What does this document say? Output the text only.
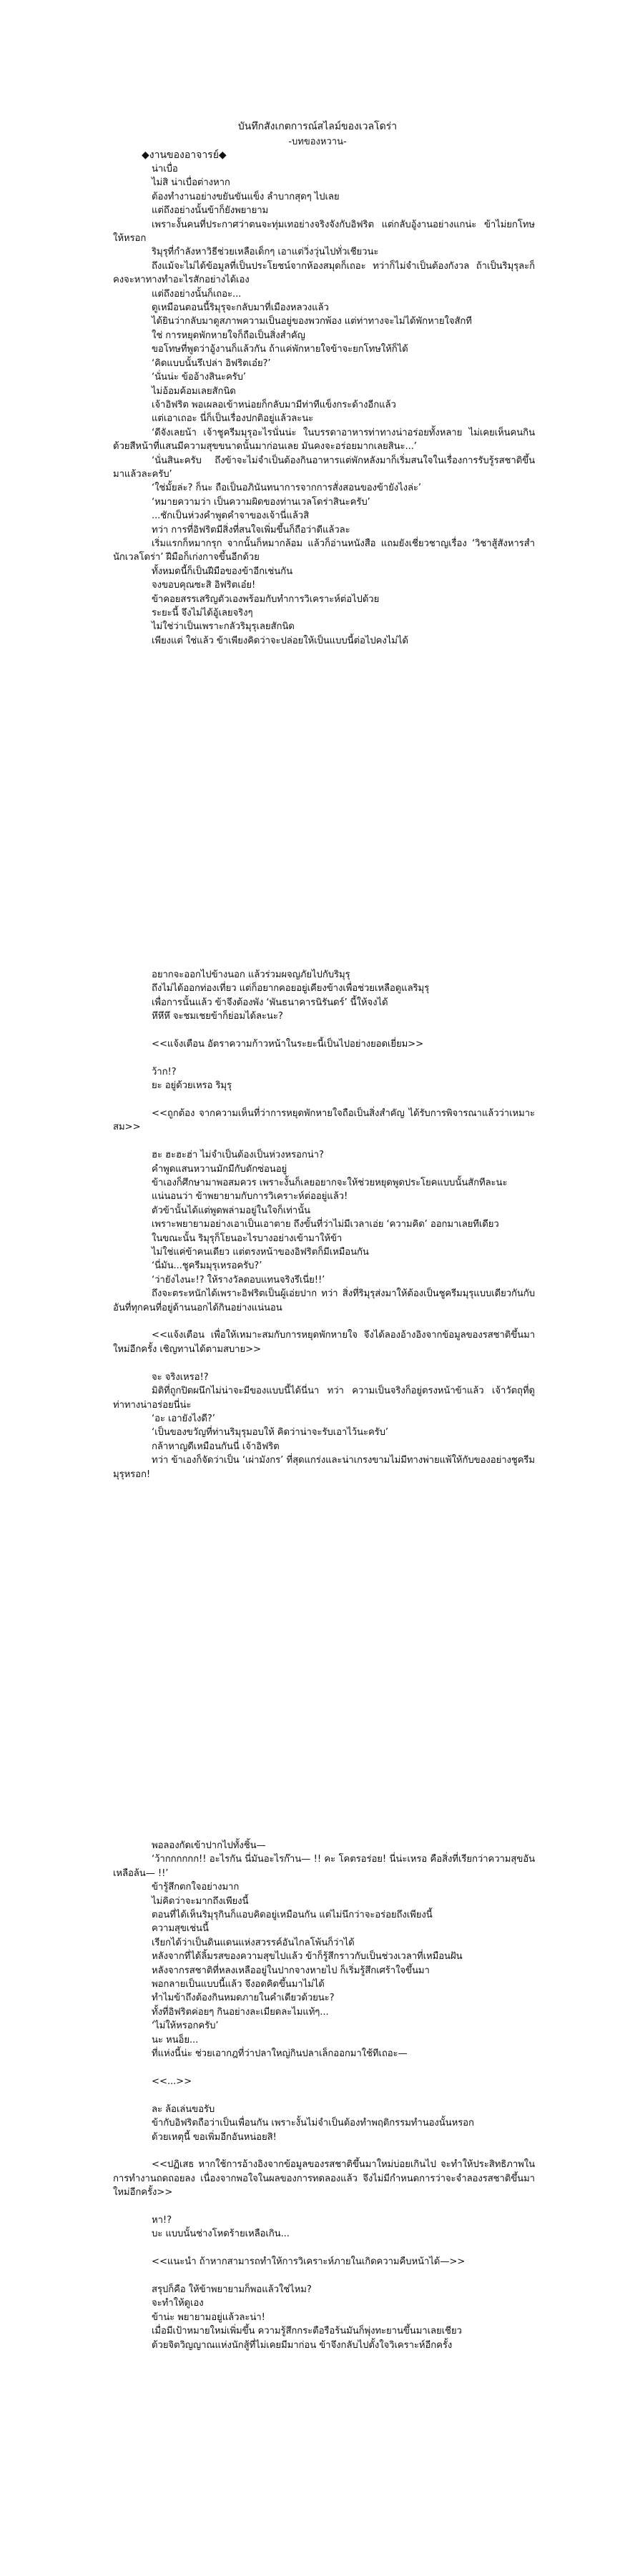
บันทึกสังเกตการณ์สไลม์ของเวลโดร่า
-บทของหวาน-
◆งานของอาจารย์◆

น่าเบื่อ

ไม่สิ น่าเบื่อต่างหาก

ต้องทำงานอย่างขยันขันแข็ง ลำบากสุดๆ ไปเลย

แต่ถึงอย่างนั้นข้าก็ยังพยายาม

เพราะงั้นคนที่ประกาศว่าตนจะทุ่มเทอย่างจริงจังกับอิฟริต แต่กลับอู้งานอย่างแกน่ะ ข้าไม่ยกโทษให้หรอก

ริมุรุที่กำลังหาวิธีช่วยเหลือเด็กๆ เอาแต่วิ่งวุ่นไปทั่วเชียวนะ

ถึงแม้จะไม่ได้ข้อมูลที่เป็นประโยชน์จากห้องสมุดก็เถอะ ทว่าก็ไม่จำเป็นต้องกังวล ถ้าเป็นริมุรุละก็คงจะหาทางทำอะไรสักอย่างได้เอง

แต่ถึงอย่างนั้นก็เถอะ...

ดูเหมือนตอนนี้ริมุรุจะกลับมาที่เมืองหลวงแล้ว

ได้ยินว่ากลับมาดูสภาพความเป็นอยู่ของพวกพ้อง แต่ท่าทางจะไม่ได้พักหายใจสักที

ใช่ การหยุดพักหายใจก็ถือเป็นสิ่งสำคัญ

ขอโทษที่พูดว่าอู้งานก็แล้วกัน ถ้าแค่พักหายใจข้าจะยกโทษให้ก็ได้

‘คิดแบบนั้นรึเปล่า อิฟริตเอ๋ย?’

‘นั่นน่ะ ข้ออ้างสินะครับ’

ไม่อ้อมค้อมเลยสักนิด

เจ้าอิฟริต พอเผลอเข้าหน่อยก็กลับมามีท่าทีแข็งกระด้างอีกแล้ว

แต่เอาเถอะ นี่ก็เป็นเรื่องปกติอยู่แล้วละนะ

‘ดีจังเลยน้า เจ้าชูครีมมุรุอะไรนั่นน่ะ ในบรรดาอาหารท่าทางน่าอร่อยทั้งหลาย ไม่เคยเห็นคนกินด้วยสีหน้าที่แสนมีความสุขขนาดนั้นมาก่อนเลย มันคงจะอร่อยมากเลยสินะ...’

‘นั่นสินะครับ ถึงข้าจะไม่จำเป็นต้องกินอาหารแต่พักหลังมาก็เริ่มสนใจในเรื่องการรับรู้รสชาติขึ้นมาแล้วละครับ’

‘ใช่มั้ยล่ะ? ก็นะ ถือเป็นอภินันทนาการจากการสั่งสอนของข้ายังไงล่ะ’

‘หมายความว่า เป็นความผิดของท่านเวลโดร่าสินะครับ’

...ชักเป็นห่วงคำพูดคำจาของเจ้านี่แล้วสิ

ทว่า การที่อิฟริตมีสิ่งที่สนใจเพิ่มขึ้นก็ถือว่าดีแล้วละ

เริ่มแรกก็หมากรุก จากนั้นก็หมากล้อม แล้วก็อ่านหนังสือ แถมยังเชี่ยวชาญเรื่อง ‘วิชาสู้สังหารสำนักเวลโดร่า’ ฝีมือก็เก่งกาจขึ้นอีกด้วย

ทั้งหมดนี้ก็เป็นฝีมือของข้าอีกเช่นกัน

จงขอบคุณซะสิ อิฟริตเอ๋ย!

ข้าคอยสรรเสริญตัวเองพร้อมกับทำการวิเคราะห์ต่อไปด้วย

ระยะนี้ จึงไม่ได้อู้เลยจริงๆ

ไม่ใช่ว่าเป็นเพราะกลัวริมุรุเลยสักนิด

เพียงแต่ ใช่แล้ว ข้าเพียงคิดว่าจะปล่อยให้เป็นแบบนี้ต่อไปคงไม่ได้

อยากจะออกไปข้างนอก แล้วร่วมผจญภัยไปกับริมุรุ

ถึงไม่ได้ออกท่องเที่ยว แต่ก็อยากคอยอยู่เคียงข้างเพื่อช่วยเหลือดูแลริมุรุ

เพื่อการนั้นแล้ว ข้าจึงต้องพัง ‘พันธนาคารนิรันดร์’ นี้ให้จงได้

หึหึหึ จะชมเชยข้าก็ย่อมได้ละนะ?

<<แจ้งเตือน อัตราความก้าวหน้าในระยะนี้เป็นไปอย่างยอดเยี่ยม>>

ว้าก!?

ยะ อยู่ด้วยเหรอ ริมุรุ

<<ถูกต้อง จากความเห็นที่ว่าการหยุดพักหายใจถือเป็นสิ่งสำคัญ ได้รับการพิจารณาแล้วว่าเหมาะสม>>

ฮะ ฮะฮะฮ่า ไม่จำเป็นต้องเป็นห่วงหรอกน่า?

คำพูดแสนหวานมักมีกับดักซ่อนอยู่

ข้าเองก็ศึกษามาพอสมควร เพราะงั้นก็เลยอยากจะให้ช่วยหยุดพูดประโยคแบบนั้นสักทีละนะ

แน่นอนว่า ข้าพยายามกับการวิเคราะห์ต่ออยู่แล้ว!

ตัวข้านั้นได้แต่พูดพล่ามอยู่ในใจก็เท่านั้น

เพราะพยายามอย่างเอาเป็นเอาตาย ถึงขั้นที่ว่าไม่มีเวลาเอ่ย ‘ความคิด’ ออกมาเลยทีเดียว

ในขณะนั้น ริมุรุก็โยนอะไรบางอย่างเข้ามาให้ข้า

ไม่ใช่แค่ข้าคนเดียว แต่ตรงหน้าของอิฟริตก็มีเหมือนกัน

‘นี่มัน...ชูครีมมุรุเหรอครับ?’

‘ว่ายังไงนะ!? ให้รางวัลตอบแทนจริงรึเนี่ย!!’

ถึงจะตระหนักได้เพราะอิฟริตเป็นผู้เอ่ยปาก ทว่า สิ่งที่ริมุรุส่งมาให้ต้องเป็นชูครีมมุรุแบบเดียวกันกับอันที่ทุกคนที่อยู่ด้านนอกได้กินอย่างแน่นอน

<<แจ้งเตือน เพื่อให้เหมาะสมกับการหยุดพักหายใจ จึงได้ลองอ้างอิงจากข้อมูลของรสชาติขึ้นมาใหม่อีกครั้ง เชิญทานได้ตามสบาย>>

จะ จริงเหรอ!?

มิติที่ถูกปิดผนึกไม่น่าจะมีของแบบนี้ได้นี่นา ทว่า ความเป็นจริงก็อยู่ตรงหน้าข้าแล้ว เจ้าวัตถุที่ดูท่าทางน่าอร่อยนี่น่ะ

‘อะ เอายังไงดี?’

‘เป็นของขวัญที่ท่านริมุรุมอบให้ คิดว่าน่าจะรับเอาไว้นะครับ’

กล้าหาญดีเหมือนกันนี่ เจ้าอิฟริต

ทว่า ข้าเองก็จัดว่าเป็น ‘เผ่ามังกร’ ที่สุดแกร่งและน่าเกรงขามไม่มีทางพ่ายแพ้ให้กับของอย่างชูครีมมุรุหรอก!

พอลองกัดเข้าปากไปทั้งชิ้น—

‘ว้ากกกกกก!! อะไรกัน นี่มันอะไรก๊าน— !! คะ โคตรอร่อย! นี่น่ะเหรอ คือสิ่งที่เรียกว่าความสุขอันเหลือล้น— !!’

ข้ารู้สึกตกใจอย่างมาก

ไม่คิดว่าจะมากถึงเพียงนี้

ตอนที่ได้เห็นริมุรุกินก็แอบคิดอยู่เหมือนกัน แต่ไม่นึกว่าจะอร่อยถึงเพียงนี้

ความสุขเช่นนี้

เรียกได้ว่าเป็นดินแดนแห่งสวรรค์อันไกลโพ้นก็ว่าได้

หลังจากที่ได้ลิ้มรสของความสุขไปแล้ว ข้าก็รู้สึกราวกับเป็นช่วงเวลาที่เหมือนฝัน

หลังจากรสชาติที่หลงเหลืออยู่ในปากจางหายไป ก็เริ่มรู้สึกเศร้าใจขึ้นมา

พอกลายเป็นแบบนี้แล้ว จึงอดคิดขึ้นมาไม่ได้

ทำไมข้าถึงต้องกินหมดภายในคำเดียวด้วยนะ?

ทั้งที่อิฟริตค่อยๆ กินอย่างละเมียดละไมแท้ๆ...

‘ไม่ให้หรอกครับ’

นะ หนอ็ย...

ที่แห่งนี้น่ะ ช่วยเอากฎที่ว่าปลาใหญ่กินปลาเล็กออกมาใช้ทีเถอะ—

<<...>>

ละ ล้อเล่นขอรับ

ข้ากับอิฟริตถือว่าเป็นเพื่อนกัน เพราะงั้นไม่จำเป็นต้องทำพฤติกรรมทำนองนั้นหรอก

ด้วยเหตุนี้ ขอเพิ่มอีกอันหน่อยสิ!

<<ปฏิเสธ หากใช้การอ้างอิงจากข้อมูลของรสชาติขึ้นมาใหม่บ่อยเกินไป จะทำให้ประสิทธิภาพในการทำงานถดถอยลง เนื่องจากพอใจในผลของการทดลองแล้ว จึงไม่มีกำหนดการว่าจะจำลองรสชาติขึ้นมาใหม่อีกครั้ง>>

หา!?

บะ แบบนั้นช่างโหดร้ายเหลือเกิน...

<<แนะนำ ถ้าหากสามารถทำให้การวิเคราะห์ภายในเกิดความคืบหน้าได้—>>

สรุปก็คือ ให้ข้าพยายามก็พอแล้วใช่ไหม?

จะทำให้ดูเอง

ข้าน่ะ พยายามอยู่แล้วละน่า!

เมื่อมีเป้าหมายใหม่เพิ่มขึ้น ความรู้สึกกระตือรือร้นมันก็พุ่งทะยานขึ้นมาเลยเชียว

ด้วยจิตวิญญาณแห่งนักสู้ที่ไม่เคยมีมาก่อน ข้าจึงกลับไปตั้งใจวิเคราะห์อีกครั้ง
